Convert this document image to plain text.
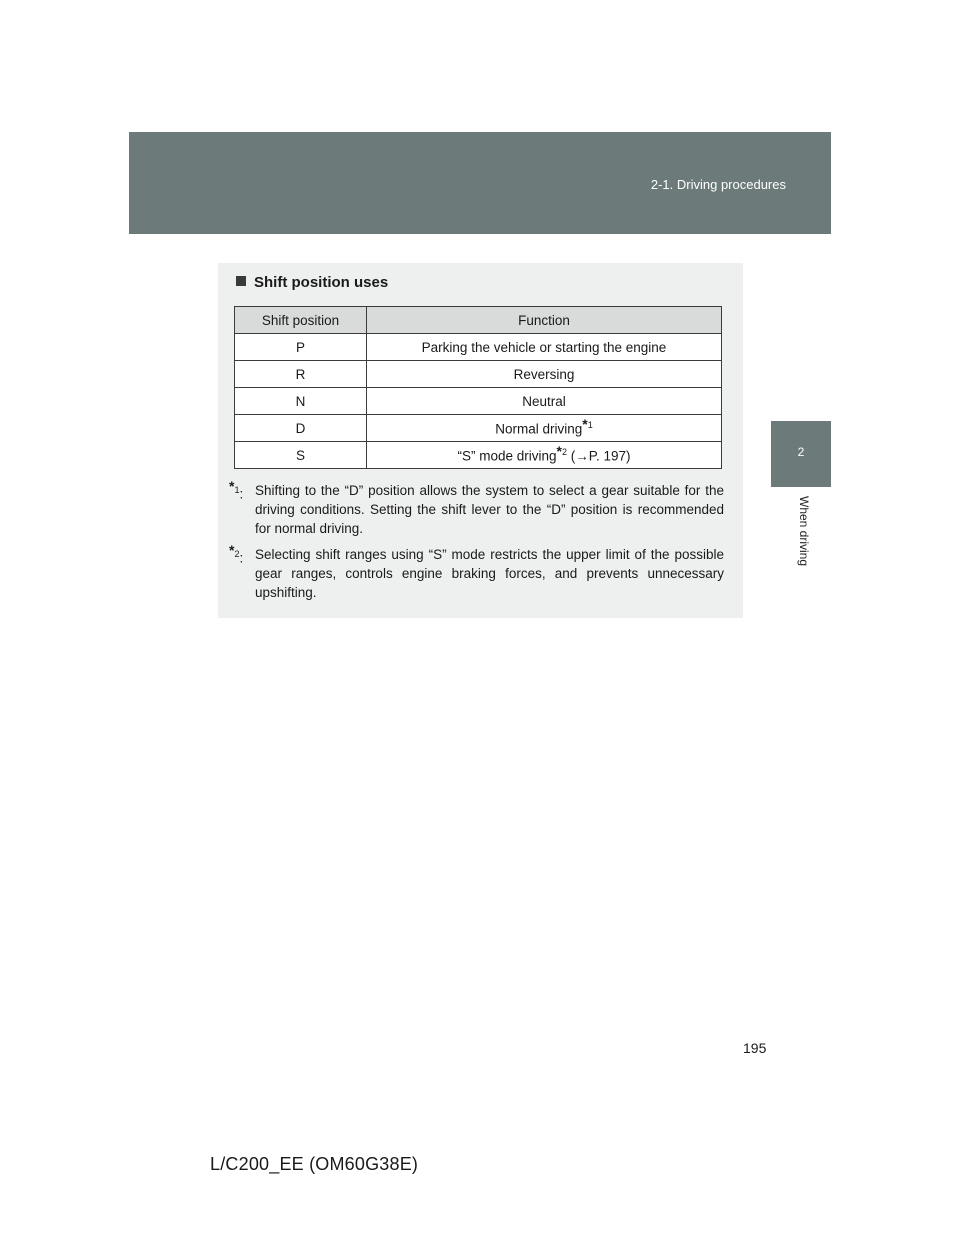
2-1. Driving procedures
2
When driving
Shift position uses
Shift position	Function
P	Parking the vehicle or starting the engine
R	Reversing
N	Neutral
D	Normal driving*$^1$
S	“S” mode driving*$^2$ (→P. 197)
*$^1$: Shifting to the “D” position allows the system to select a gear suitable for the driving conditions. Setting the shift lever to the “D” position is recommended for normal driving.
*$^2$: Selecting shift ranges using “S” mode restricts the upper limit of the possible gear ranges, controls engine braking forces, and prevents unnecessary upshifting.
195
L/C200_EE (OM60G38E)
